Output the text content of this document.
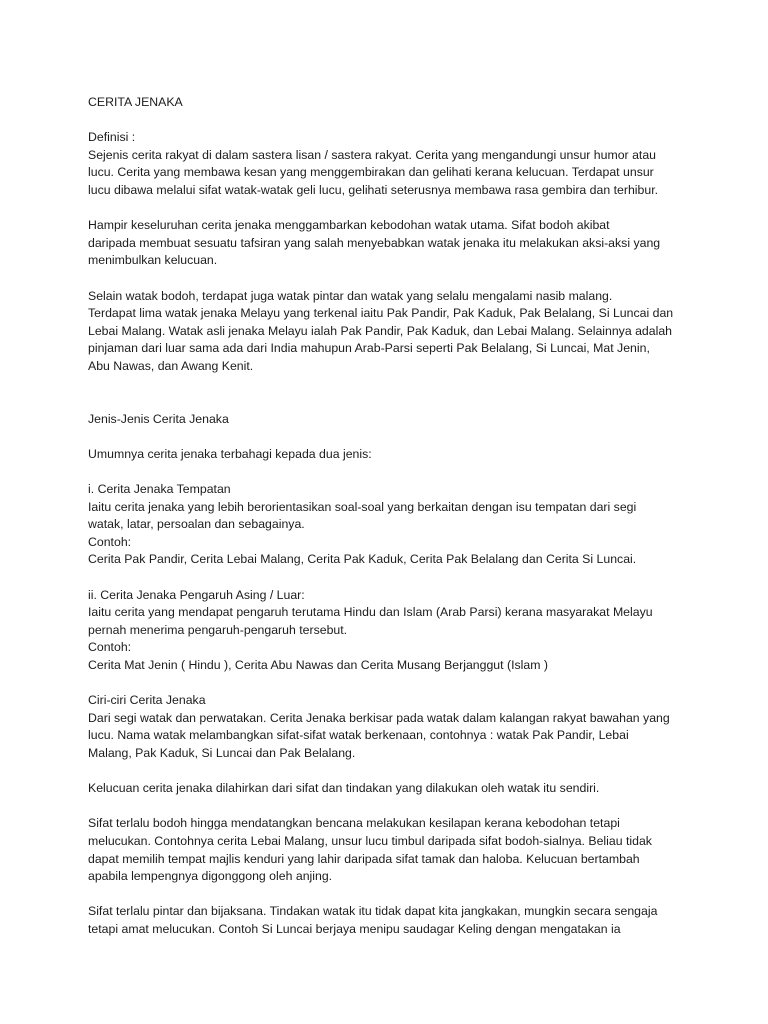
CERITA JENAKA
Definisi :
Sejenis cerita rakyat di dalam sastera lisan / sastera rakyat. Cerita yang mengandungi unsur humor atau
lucu. Cerita yang membawa kesan yang menggembirakan dan gelihati kerana kelucuan. Terdapat unsur
lucu dibawa melalui sifat watak-watak geli lucu, gelihati seterusnya membawa rasa gembira dan terhibur.
Hampir keseluruhan cerita jenaka menggambarkan kebodohan watak utama. Sifat bodoh akibat
daripada membuat sesuatu tafsiran yang salah menyebabkan watak jenaka itu melakukan aksi-aksi yang
menimbulkan kelucuan.
Selain watak bodoh, terdapat juga watak pintar dan watak yang selalu mengalami nasib malang.
Terdapat lima watak jenaka Melayu yang terkenal iaitu Pak Pandir, Pak Kaduk, Pak Belalang, Si Luncai dan
Lebai Malang. Watak asli jenaka Melayu ialah Pak Pandir, Pak Kaduk, dan Lebai Malang. Selainnya adalah
pinjaman dari luar sama ada dari India mahupun Arab-Parsi seperti Pak Belalang, Si Luncai, Mat Jenin,
Abu Nawas, dan Awang Kenit.
Jenis-Jenis Cerita Jenaka
Umumnya cerita jenaka terbahagi kepada dua jenis:
i. Cerita Jenaka Tempatan
Iaitu cerita jenaka yang lebih berorientasikan soal-soal yang berkaitan dengan isu tempatan dari segi
watak, latar, persoalan dan sebagainya.
Contoh:
Cerita Pak Pandir, Cerita Lebai Malang, Cerita Pak Kaduk, Cerita Pak Belalang dan Cerita Si Luncai.
ii. Cerita Jenaka Pengaruh Asing / Luar:
Iaitu cerita yang mendapat pengaruh terutama Hindu dan Islam (Arab Parsi) kerana masyarakat Melayu
pernah menerima pengaruh-pengaruh tersebut.
Contoh:
Cerita Mat Jenin ( Hindu ), Cerita Abu Nawas dan Cerita Musang Berjanggut (Islam )
Ciri-ciri Cerita Jenaka
Dari segi watak dan perwatakan. Cerita Jenaka berkisar pada watak dalam kalangan rakyat bawahan yang
lucu. Nama watak melambangkan sifat-sifat watak berkenaan, contohnya : watak Pak Pandir, Lebai
Malang, Pak Kaduk, Si Luncai dan Pak Belalang.
Kelucuan cerita jenaka dilahirkan dari sifat dan tindakan yang dilakukan oleh watak itu sendiri.
Sifat terlalu bodoh hingga mendatangkan bencana melakukan kesilapan kerana kebodohan tetapi
melucukan. Contohnya cerita Lebai Malang, unsur lucu timbul daripada sifat bodoh-sialnya. Beliau tidak
dapat memilih tempat majlis kenduri yang lahir daripada sifat tamak dan haloba. Kelucuan bertambah
apabila lempengnya digonggong oleh anjing.
Sifat terlalu pintar dan bijaksana. Tindakan watak itu tidak dapat kita jangkakan, mungkin secara sengaja
tetapi amat melucukan. Contoh Si Luncai berjaya menipu saudagar Keling dengan mengatakan ia
